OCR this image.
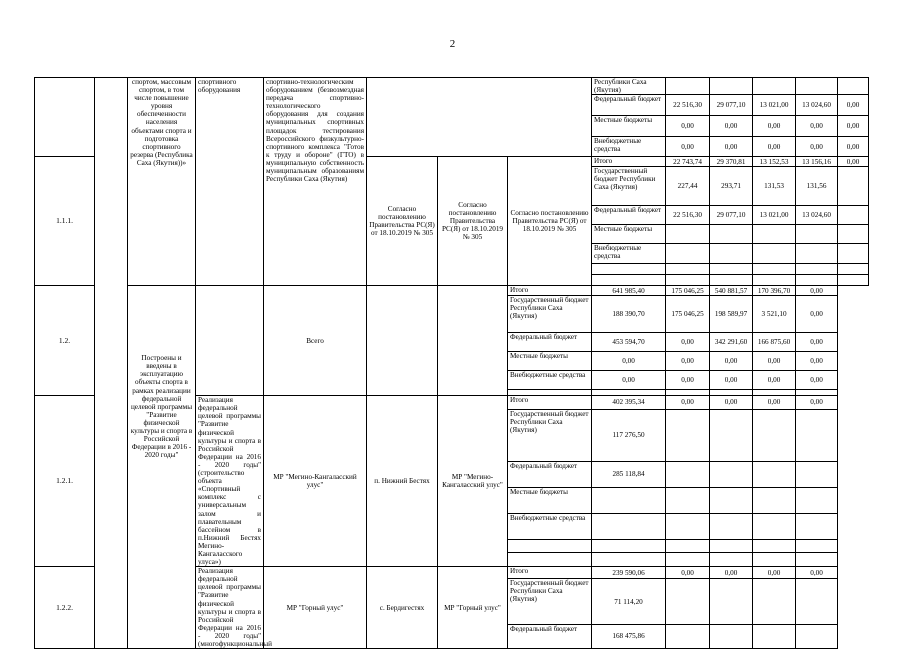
2
		спортом, массовым спортом, в том числе повышение уровня обеспеченности населения объектами спорта и подготовка спортивного резерва (Республика Саха (Якутия))»	спортивного оборудования	спортивно-технологическим оборудованием (безвозмездная передача спортивно-технологического оборудования для создания муниципальных спортивных площадок тестирования Всероссийского физкультурно-спортивного комплекса "Готов к труду и обороне" (ГТО) в муниципальную собственность муниципальным образованиям Республики Саха (Якутия)				Республики Саха (Якутия)					
								Федеральный бюджет	22 516,30	29 077,10	13 021,00	13 024,60	0,00
								Местные бюджеты	0,00	0,00	0,00	0,00	0,00
								Внебюджетные средства	0,00	0,00	0,00	0,00	0,00
1.1.1.					Согласно постановлению Правительства РС(Я) от 18.10.2019 № 305	Согласно постановлению Правительства РС(Я) от 18.10.2019 № 305	Согласно постановлению Правительства РС(Я) от 18.10.2019 № 305	Итого	22 743,74	29 370,81	13 152,53	13 156,16	0,00
								Государственный бюджет Республики Саха (Якутия)	227,44	293,71	131,53	131,56	
								Федеральный бюджет	22 516,30	29 077,10	13 021,00	13 024,60	
								Местные бюджеты					
								Внебюджетные средства					

1.2.		Построены и введены в эксплуатацию объекты спорта в рамках реализации федеральной целевой программы "Развитие физической культуры и спорта в Российской Федерации в 2016 - 2020 годы"		Всего			Итого	641 985,40	175 046,25	540 881,57	170 396,70	0,00	
							Государственный бюджет Республики Саха (Якутия)	188 390,70	175 046,25	198 589,97	3 521,10	0,00	
							Федеральный бюджет	453 594,70	0,00	342 291,60	166 875,60	0,00	
							Местные бюджеты	0,00	0,00	0,00	0,00	0,00	
							Внебюджетные средства	0,00	0,00	0,00	0,00	0,00	

1.2.1.			Реализация федеральной целевой программы "Развитие физической культуры и спорта в Российской Федерации на 2016 - 2020 годы" (строительство объекта «Спортивный комплекс с универсальным залом и плавательным бассейном в п.Нижний Бестях Мегино-Кангаласского улуса»)	МР "Мегино-Кангаласский улус"	п. Нижний Бестях	МР "Мегино-Кангаласский улус"	Итого	402 395,34	0,00	0,00	0,00	0,00	
							Государственный бюджет Республики Саха (Якутия)	117 276,50					
							Федеральный бюджет	285 118,84					
							Местные бюджеты						
							Внебюджетные средства						

1.2.2.			Реализация федеральной целевой программы "Развитие физической культуры и спорта в Российской Федерации на 2016 - 2020 годы" (многофункциональный	МР "Горный улус"	с. Бердигестях	МР "Горный улус"	Итого	239 590,06	0,00	0,00	0,00	0,00	
							Государственный бюджет Республики Саха (Якутия)	71 114,20					
							Федеральный бюджет	168 475,86					
